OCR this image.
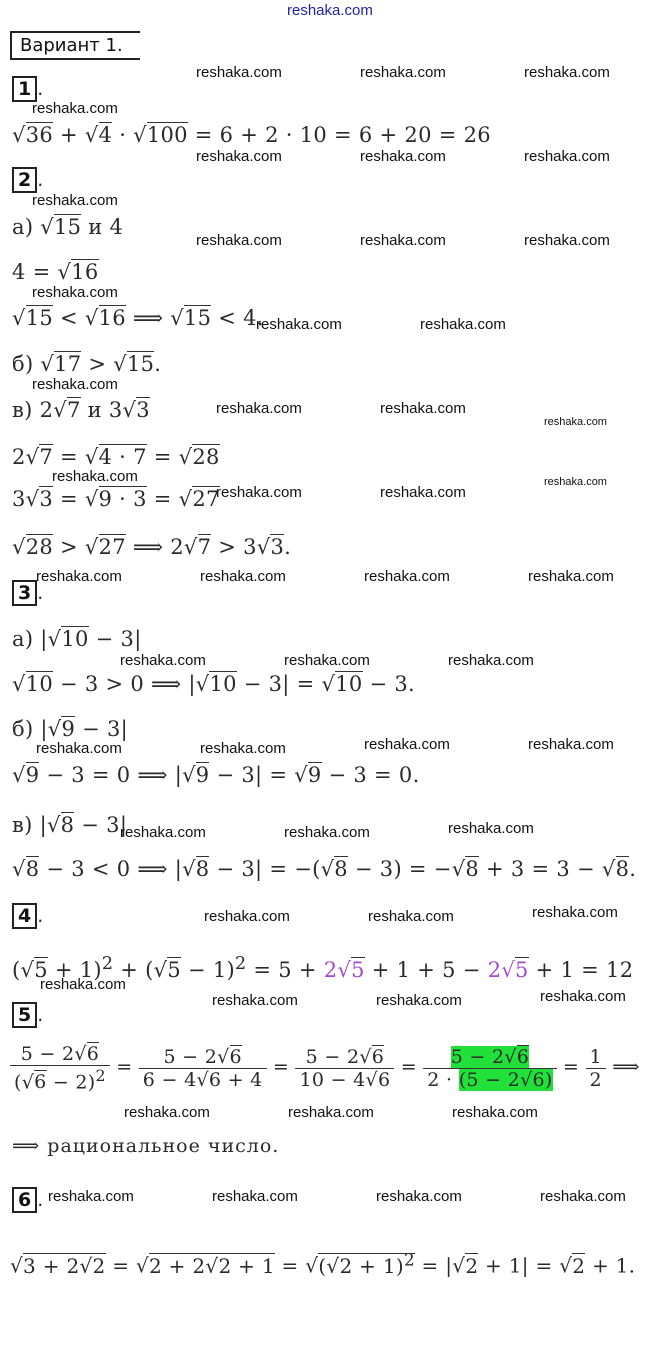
reshaka.com
Вариант 1.
1 .
√36 + √4 · √100 = 6 + 2 · 10 = 6 + 20 = 26
2 .
а) √15 и 4
4 = √16
√15 < √16 ⟹ √15 < 4.
б) √17 > √15.
в) 2√7 и 3√3
2√7 = √4 · 7 = √28
3√3 = √9 · 3 = √27
√28 > √27 ⟹ 2√7 > 3√3.
3 .
а) |√10 − 3|
√10 − 3 > 0 ⟹ |√10 − 3| = √10 − 3.
б) |√9 − 3|
√9 − 3 = 0 ⟹ |√9 − 3| = √9 − 3 = 0.
в) |√8 − 3|
√8 − 3 < 0 ⟹ |√8 − 3| = −(√8 − 3) = −√8 + 3 = 3 − √8.
4 .
$(√5 + 1)^2 + (√5 - 1)^2 = 5 + 2√5 + 1 + 5 - 2√5 + 1 = 12$
5 .
$\frac{5 - 2√6}{(√6 - 2)^2} = \frac{5 - 2√6}{6 - 4√6 + 4} = \frac{5 - 2√6}{10 - 4√6} = \frac{5 - 2√6}{2 \cdot (5 - 2√6)} = \frac{1}{2}$ ⟹
⟹ рациональное число.
6 .
$√3 + 2√2 = √2 + 2√2 + 1 = √(√2 + 1)^2 = |√2 + 1| = √2 + 1$.
reshaka.com	reshaka.com	reshaka.com
reshaka.com
reshaka.com	reshaka.com	reshaka.com
reshaka.com
reshaka.com	reshaka.com	reshaka.com
reshaka.com
reshaka.com	reshaka.com
reshaka.com
reshaka.com	reshaka.com
reshaka.com
reshaka.com	reshaka.com
reshaka.com	reshaka.com	reshaka.com	reshaka.com
reshaka.com	reshaka.com	reshaka.com
reshaka.com	reshaka.com	reshaka.com	reshaka.com
reshaka.com	reshaka.com	reshaka.com
reshaka.com	reshaka.com	reshaka.com
reshaka.com
reshaka.com	reshaka.com	reshaka.com
reshaka.com	reshaka.com	reshaka.com
reshaka.com	reshaka.com	reshaka.com	reshaka.com
reshaka.com
reshaka.com
